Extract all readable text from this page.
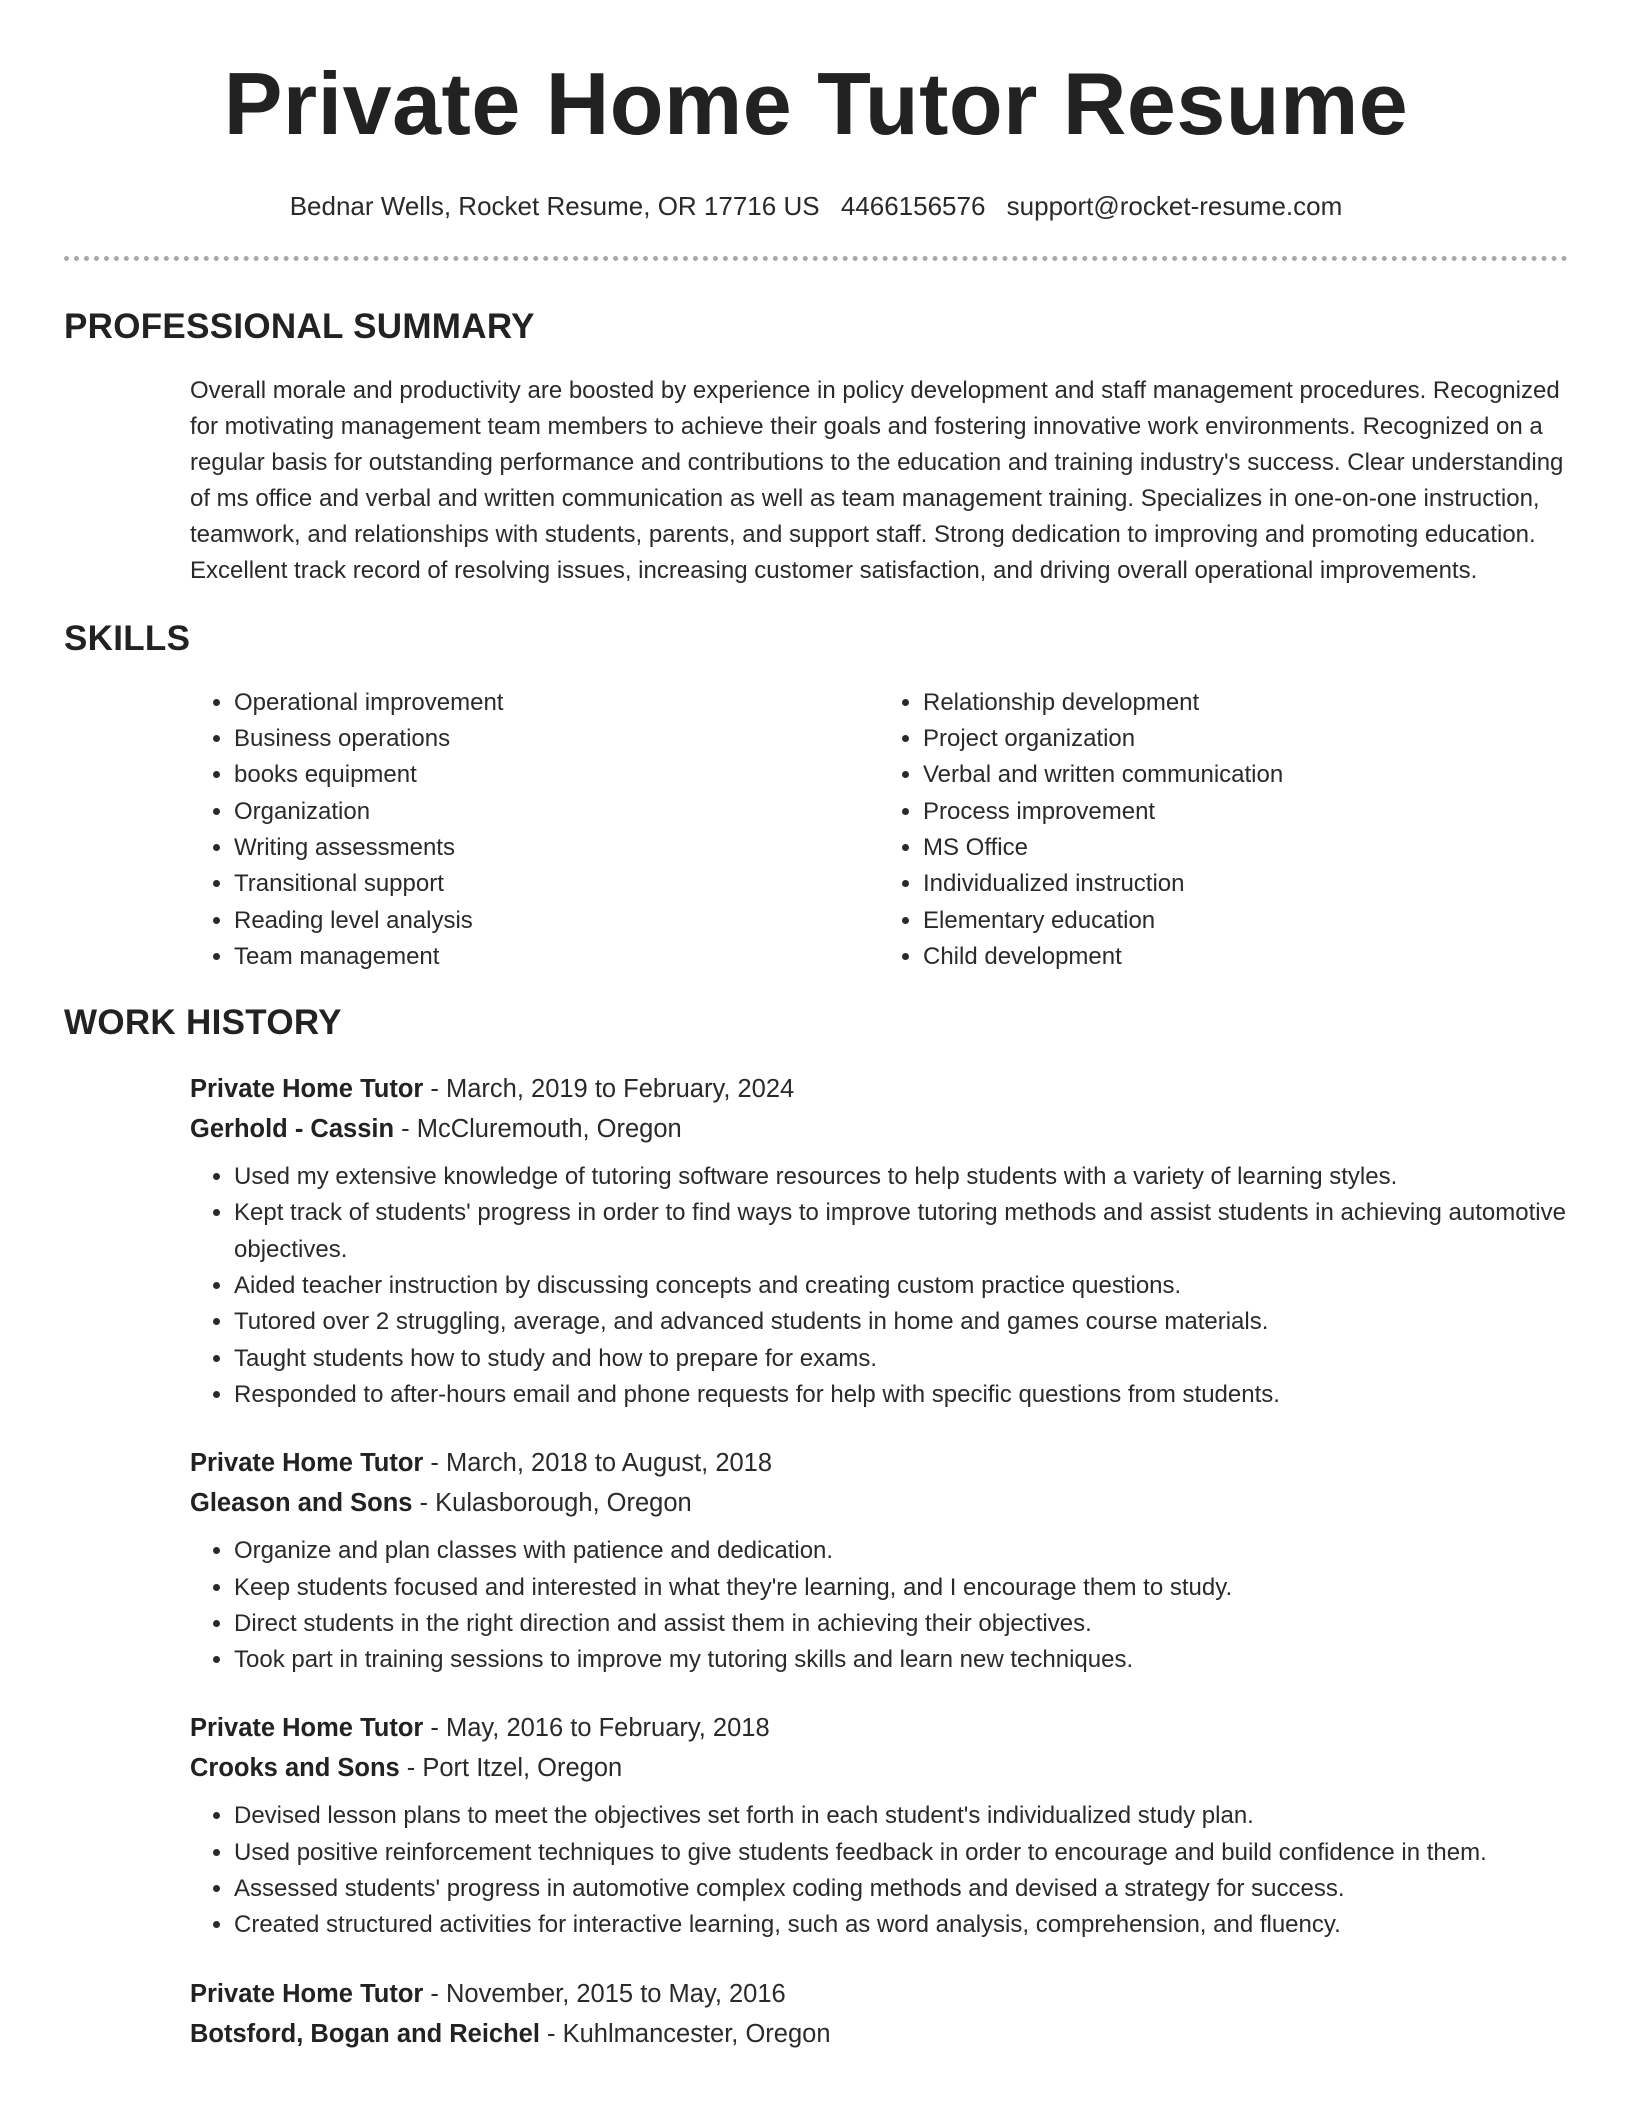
Private Home Tutor Resume
Bednar Wells, Rocket Resume, OR 17716 US 4466156576 support@rocket-resume.com
PROFESSIONAL SUMMARY

Overall morale and productivity are boosted by experience in policy development and staff management procedures. Recognized for motivating management team members to achieve their goals and fostering innovative work environments. Recognized on a regular basis for outstanding performance and contributions to the education and training industry's success. Clear understanding of ms office and verbal and written communication as well as team management training. Specializes in one-on-one instruction, teamwork, and relationships with students, parents, and support staff. Strong dedication to improving and promoting education. Excellent track record of resolving issues, increasing customer satisfaction, and driving overall operational improvements.

SKILLS
• Operational improvement
• Business operations
• books equipment
• Organization
• Writing assessments
• Transitional support
• Reading level analysis
• Team management
• Relationship development
• Project organization
• Verbal and written communication
• Process improvement
• MS Office
• Individualized instruction
• Elementary education
• Child development
WORK HISTORY
Private Home Tutor - March, 2019 to February, 2024
Gerhold - Cassin - McCluremouth, Oregon
• Used my extensive knowledge of tutoring software resources to help students with a variety of learning styles.
• Kept track of students' progress in order to find ways to improve tutoring methods and assist students in achieving automotive objectives.
• Aided teacher instruction by discussing concepts and creating custom practice questions.
• Tutored over 2 struggling, average, and advanced students in home and games course materials.
• Taught students how to study and how to prepare for exams.
• Responded to after-hours email and phone requests for help with specific questions from students.
Private Home Tutor - March, 2018 to August, 2018
Gleason and Sons - Kulasborough, Oregon
• Organize and plan classes with patience and dedication.
• Keep students focused and interested in what they're learning, and I encourage them to study.
• Direct students in the right direction and assist them in achieving their objectives.
• Took part in training sessions to improve my tutoring skills and learn new techniques.
Private Home Tutor - May, 2016 to February, 2018
Crooks and Sons - Port Itzel, Oregon
• Devised lesson plans to meet the objectives set forth in each student's individualized study plan.
• Used positive reinforcement techniques to give students feedback in order to encourage and build confidence in them.
• Assessed students' progress in automotive complex coding methods and devised a strategy for success.
• Created structured activities for interactive learning, such as word analysis, comprehension, and fluency.
Private Home Tutor - November, 2015 to May, 2016
Botsford, Bogan and Reichel - Kuhlmancester, Oregon
